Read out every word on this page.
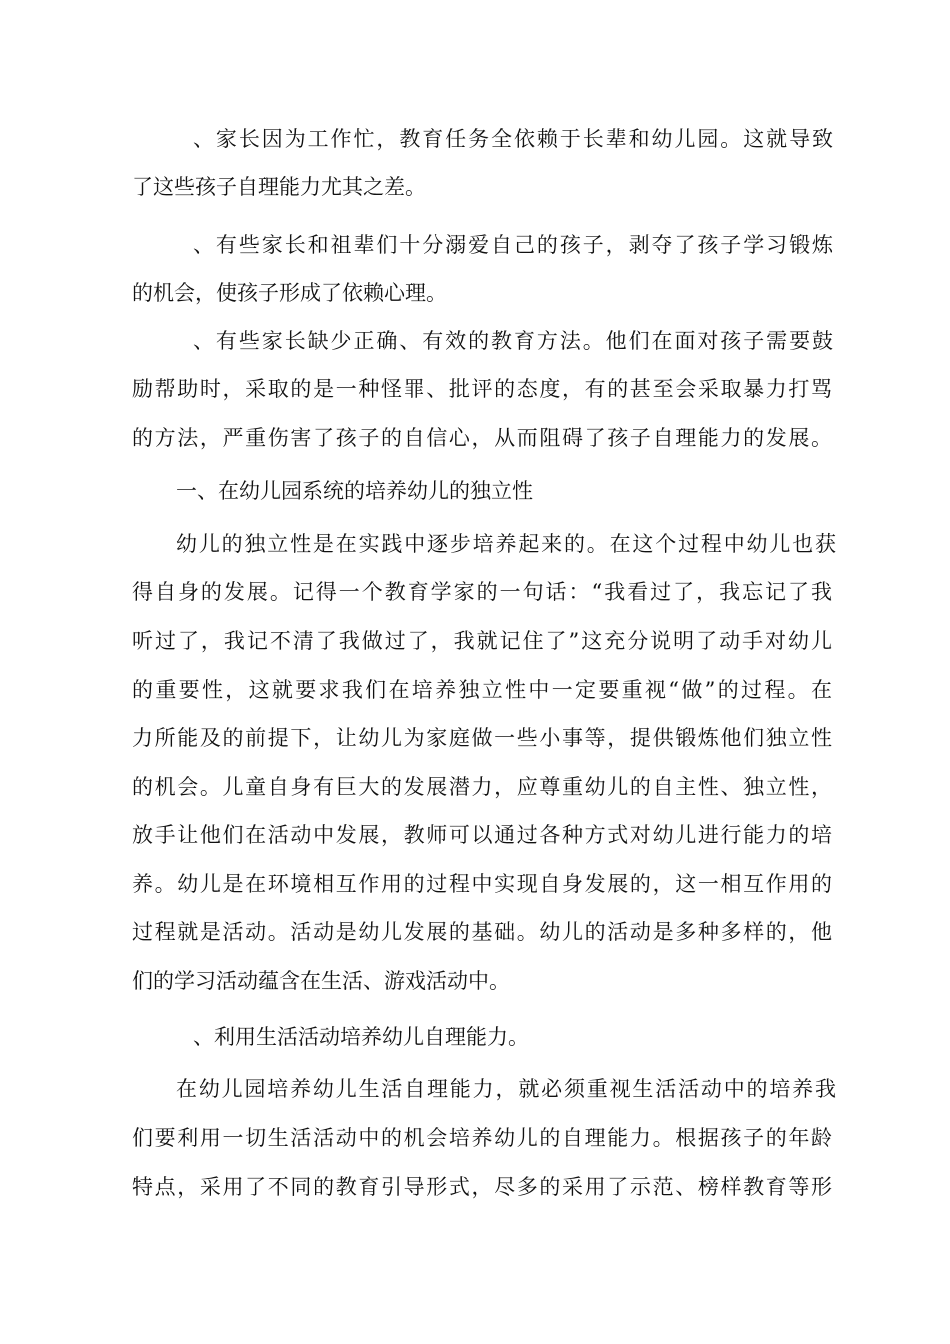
、家长因为工作忙，教育任务全依赖于长辈和幼儿园。这就导致
了这些孩子自理能力尤其之差。
、有些家长和祖辈们十分溺爱自己的孩子，剥夺了孩子学习锻炼
的机会，使孩子形成了依赖心理。
、有些家长缺少正确、有效的教育方法。他们在面对孩子需要鼓
励帮助时，采取的是一种怪罪、批评的态度，有的甚至会采取暴力打骂
的方法，严重伤害了孩子的自信心，从而阻碍了孩子自理能力的发展。
一、在幼儿园系统的培养幼儿的独立性
幼儿的独立性是在实践中逐步培养起来的。在这个过程中幼儿也获
得自身的发展。记得一个教育学家的一句话：“我看过了，我忘记了我
听过了，我记不清了我做过了，我就记住了”这充分说明了动手对幼儿
的重要性，这就要求我们在培养独立性中一定要重视“做”的过程。在
力所能及的前提下，让幼儿为家庭做一些小事等，提供锻炼他们独立性
的机会。儿童自身有巨大的发展潜力，应尊重幼儿的自主性、独立性，
放手让他们在活动中发展，教师可以通过各种方式对幼儿进行能力的培
养。幼儿是在环境相互作用的过程中实现自身发展的，这一相互作用的
过程就是活动。活动是幼儿发展的基础。幼儿的活动是多种多样的，他
们的学习活动蕴含在生活、游戏活动中。
、利用生活活动培养幼儿自理能力。
在幼儿园培养幼儿生活自理能力，就必须重视生活活动中的培养我
们要利用一切生活活动中的机会培养幼儿的自理能力。根据孩子的年龄
特点，采用了不同的教育引导形式，尽多的采用了示范、榜样教育等形
